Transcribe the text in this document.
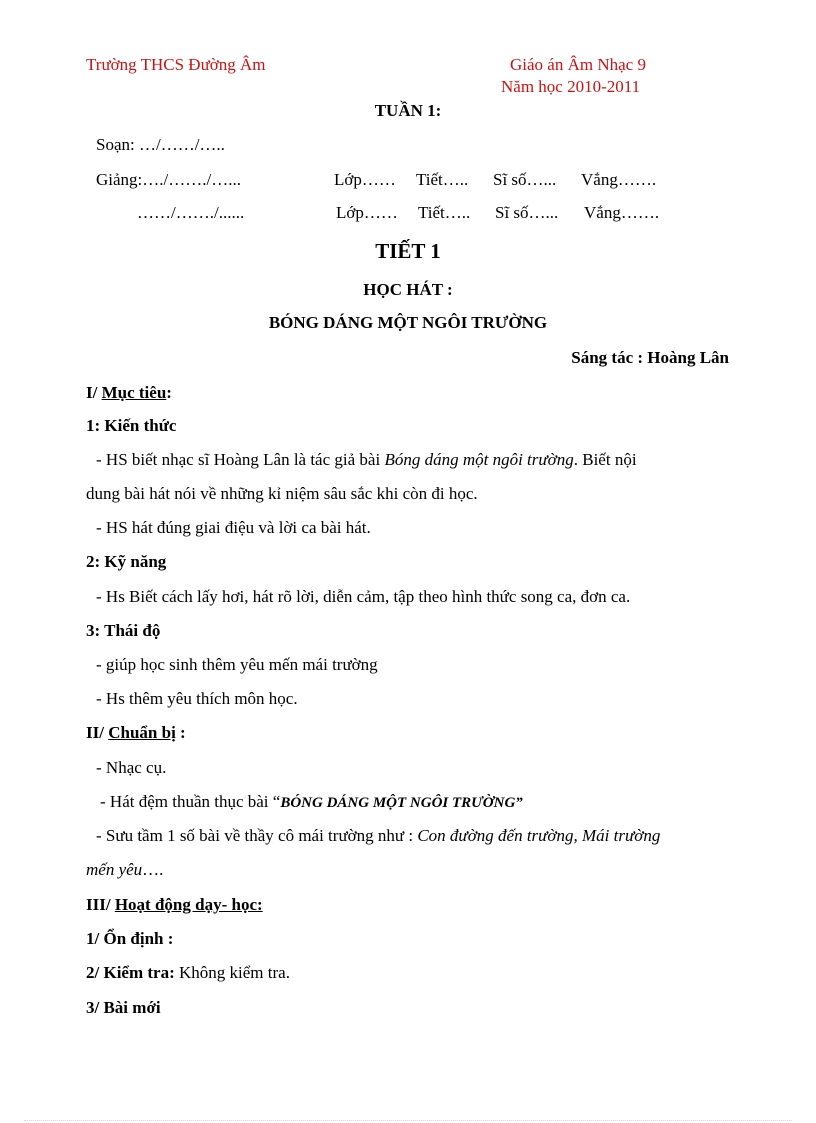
Trường THCS Đường Âm	Giáo án Âm Nhạc 9
Năm học 2010-2011
TUẦN 1:
Soạn: …/……/…..
Giảng:…./……./…...	Lớp…… Tiết….. Sĩ số…... Vắng…….
……/……./......	Lớp…… Tiết….. Sĩ số…... Vắng…….
TIẾT 1
HỌC HÁT :
BÓNG DÁNG MỘT NGÔI TRƯỜNG
Sáng tác : Hoàng Lân
I/ Mục tiêu:
1: Kiến thức
- HS biết nhạc sĩ Hoàng Lân là tác giả bài Bóng dáng một ngôi trường. Biết nội
dung bài hát nói về những kỉ niệm sâu sắc khi còn đi học.
- HS hát đúng giai điệu và lời ca bài hát.
2: Kỹ năng
- Hs Biết cách lấy hơi, hát rõ lời, diễn cảm, tập theo hình thức song ca, đơn ca.
3: Thái độ
- giúp học sinh thêm yêu mến mái trường
- Hs thêm yêu thích môn học.
II/ Chuẩn bị :
- Nhạc cụ.
- Hát đệm thuần thục bài “BÓNG DÁNG MỘT NGÔI TRƯỜNG”
- Sưu tầm 1 số bài về thầy cô mái trường như : Con đường đến trường, Mái trường
mến yêu….
III/ Hoạt động dạy- học:
1/ Ổn định :
2/ Kiểm tra: Không kiểm tra.
3/ Bài mới
